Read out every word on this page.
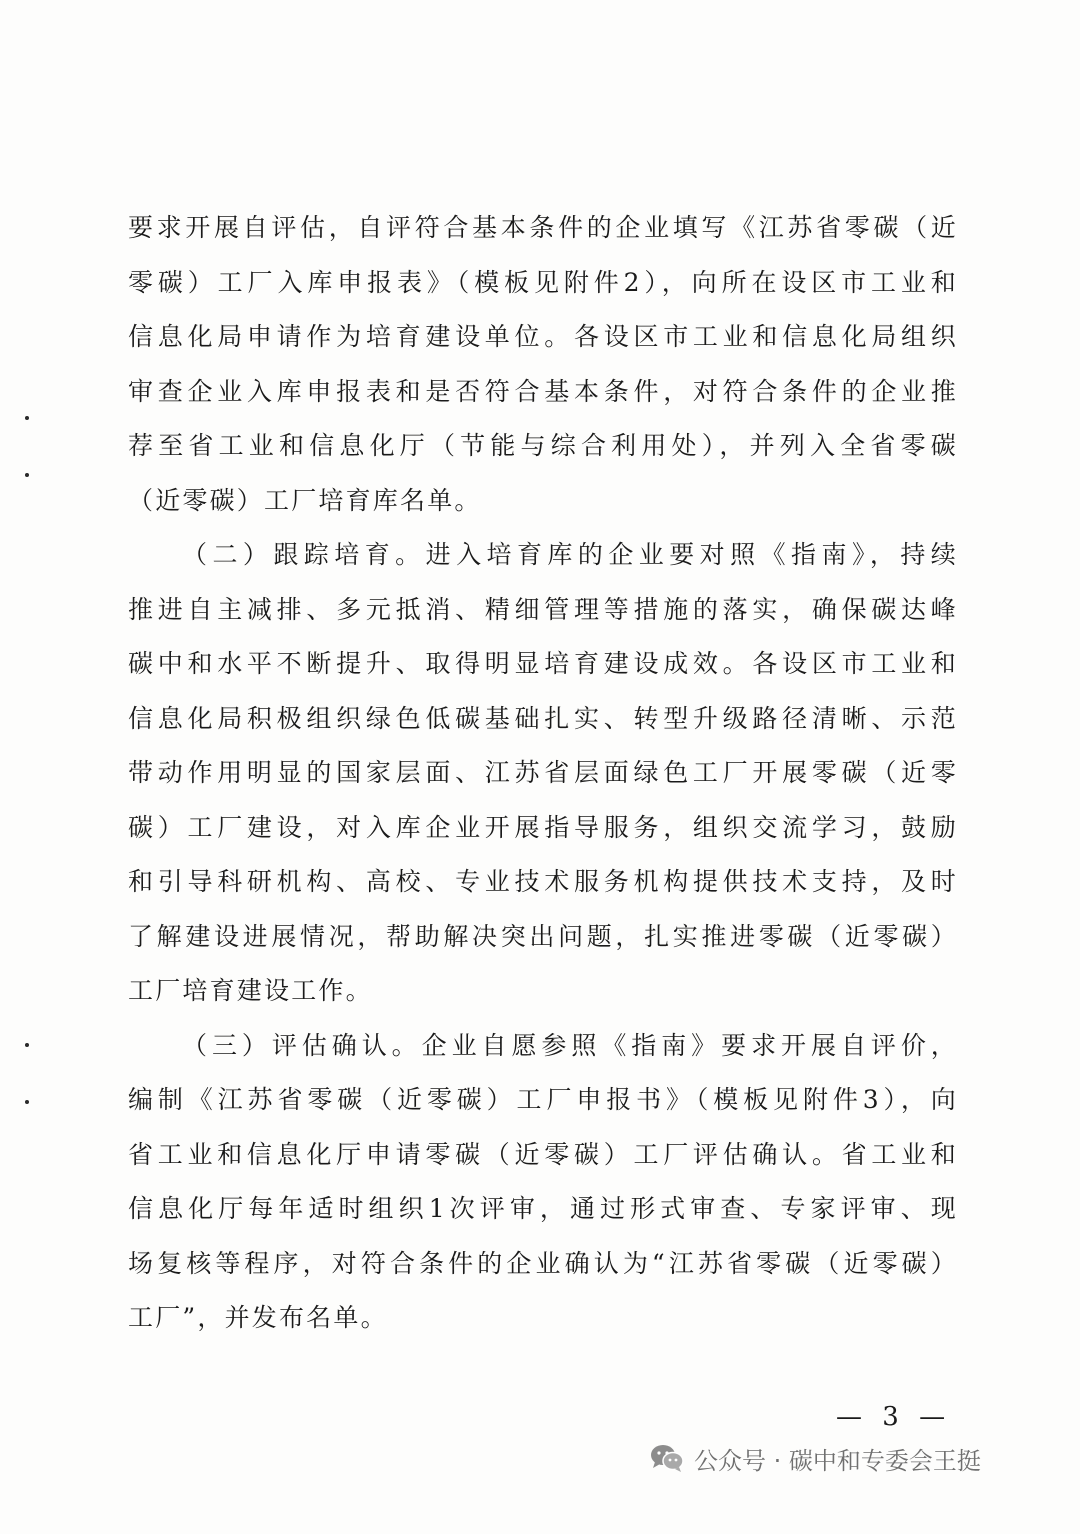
要求开展自评估，自评符合基本条件的企业填写《江苏省零碳（近
零碳）工厂入库申报表》（模板见附件2），向所在设区市工业和
信息化局申请作为培育建设单位。各设区市工业和信息化局组织
审查企业入库申报表和是否符合基本条件，对符合条件的企业推
荐至省工业和信息化厅（节能与综合利用处），并列入全省零碳
（近零碳）工厂培育库名单。
（二）跟踪培育。进入培育库的企业要对照《指南》，持续
推进自主减排、多元抵消、精细管理等措施的落实，确保碳达峰
碳中和水平不断提升、取得明显培育建设成效。各设区市工业和
信息化局积极组织绿色低碳基础扎实、转型升级路径清晰、示范
带动作用明显的国家层面、江苏省层面绿色工厂开展零碳（近零
碳）工厂建设，对入库企业开展指导服务，组织交流学习，鼓励
和引导科研机构、高校、专业技术服务机构提供技术支持，及时
了解建设进展情况，帮助解决突出问题，扎实推进零碳（近零碳）
工厂培育建设工作。
（三）评估确认。企业自愿参照《指南》要求开展自评价，
编制《江苏省零碳（近零碳）工厂申报书》（模板见附件3），向
省工业和信息化厅申请零碳（近零碳）工厂评估确认。省工业和
信息化厅每年适时组织1次评审，通过形式审查、专家评审、现
场复核等程序，对符合条件的企业确认为“江苏省零碳（近零碳）
工厂”，并发布名单。
— 3 —
公众号 · 碳中和专委会王挺
